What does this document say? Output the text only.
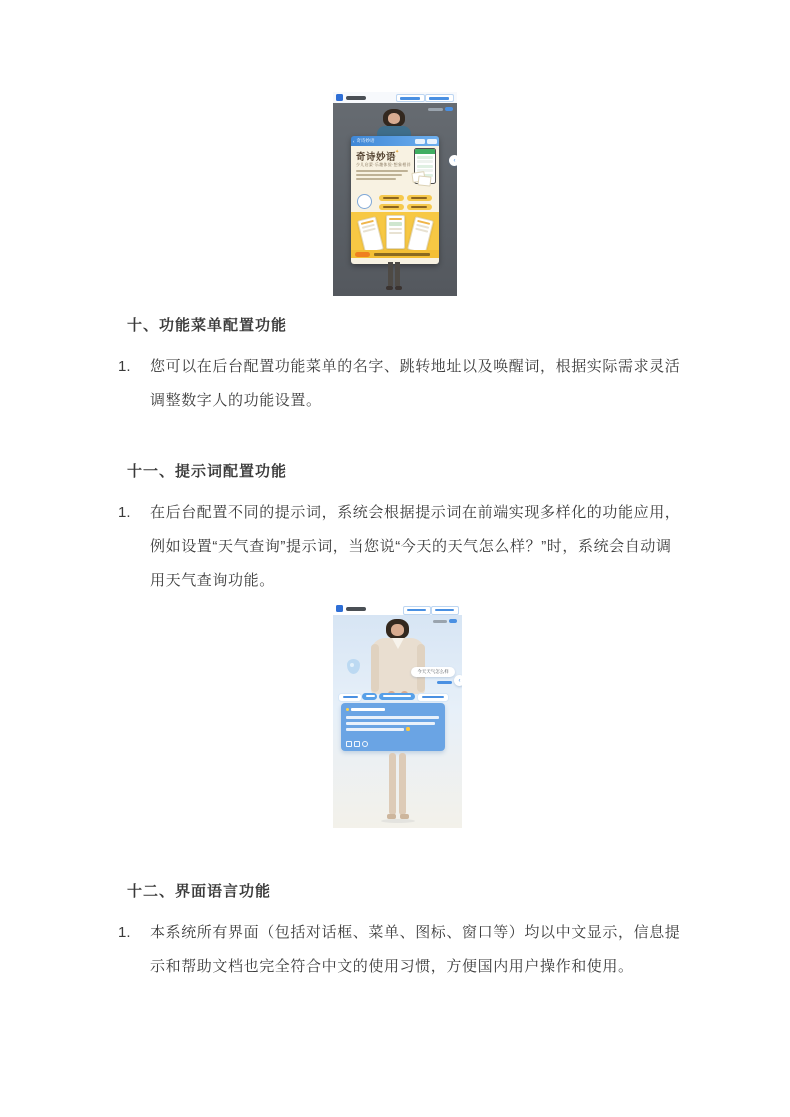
‹
‹ 奇诗妙语
奇诗妙语
✦
少儿启蒙·乐趣体验·想象相伴
十、功能菜单配置功能
1.	您可以在后台配置功能菜单的名字、跳转地址以及唤醒词，根据实际需求灵活调整数字人的功能设置。
十一、提示词配置功能
1.	在后台配置不同的提示词，系统会根据提示词在前端实现多样化的功能应用，例如设置“天气查询”提示词，当您说“今天的天气怎么样？”时，系统会自动调用天气查询功能。
今天天气怎么样
‹
十二、界面语言功能
1.	本系统所有界面（包括对话框、菜单、图标、窗口等）均以中文显示，信息提示和帮助文档也完全符合中文的使用习惯，方便国内用户操作和使用。
